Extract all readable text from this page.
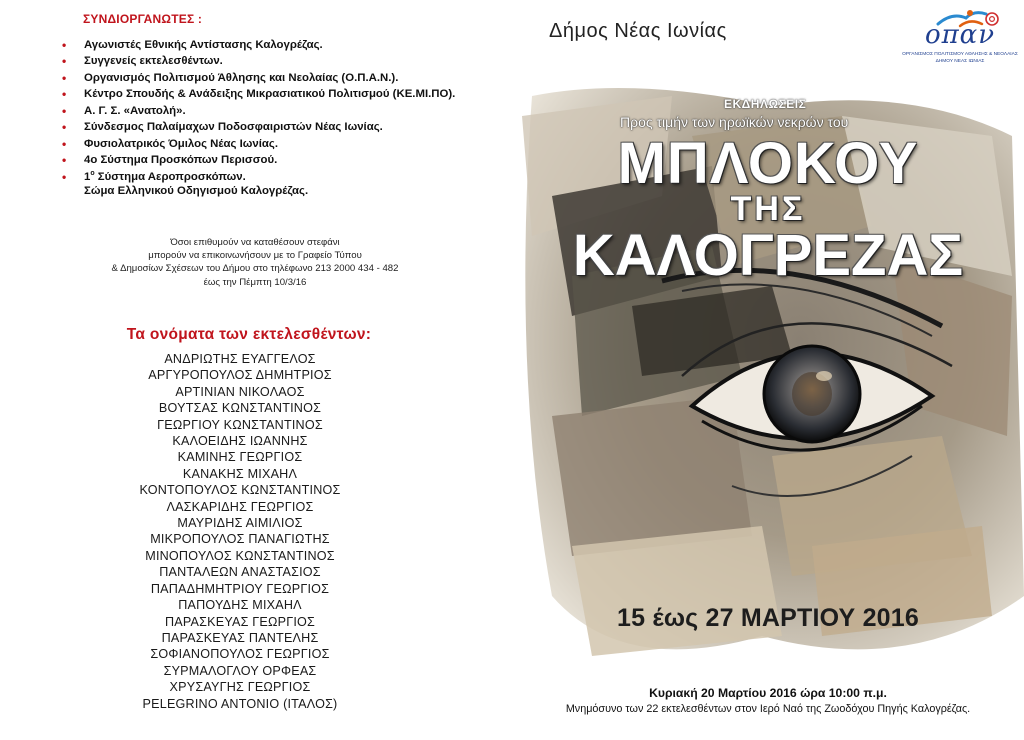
ΣΥΝΔΙΟΡΓΑΝΩΤΕΣ :
• Αγωνιστές Εθνικής Αντίστασης Καλογρέζας.
• Συγγενείς εκτελεσθέντων.
• Οργανισμός Πολιτισμού Άθλησης και Νεολαίας (Ο.Π.Α.Ν.).
• Κέντρο Σπουδής & Ανάδειξης Μικρασιατικού Πολιτισμού (ΚΕ.ΜΙ.ΠΟ).
• Α. Γ. Σ. «Ανατολή».
• Σύνδεσμος Παλαίμαχων Ποδοσφαιριστών Νέας Ιωνίας.
• Φυσιολατρικός Όμιλος Νέας Ιωνίας.
• 4ο Σύστημα Προσκόπων Περισσού.
• $1^o$ Σύστημα Αεροπροσκόπων.
Σώμα Ελληνικού Οδηγισμού Καλογρέζας.
Όσοι επιθυμούν να καταθέσουν στεφάνι
μπορούν να επικοινωνήσουν με το Γραφείο Τύπου
& Δημοσίων Σχέσεων του Δήμου στο τηλέφωνο 213 2000 434 - 482
έως την Πέμπτη 10/3/16
Τα ονόματα των εκτελεσθέντων:
ΑΝΔΡΙΩΤΗΣ ΕΥΑΓΓΕΛΟΣ
ΑΡΓΥΡΟΠΟΥΛΟΣ ΔΗΜΗΤΡΙΟΣ
ΑΡΤΙΝΙΑΝ ΝΙΚΟΛΑΟΣ
ΒΟΥΤΣΑΣ ΚΩΝΣΤΑΝΤΙΝΟΣ
ΓΕΩΡΓΙΟΥ ΚΩΝΣΤΑΝΤΙΝΟΣ
ΚΑΛΟΕΙΔΗΣ ΙΩΑΝΝΗΣ
ΚΑΜΙΝΗΣ ΓΕΩΡΓΙΟΣ
ΚΑΝΑΚΗΣ ΜΙΧΑΗΛ
ΚΟΝΤΟΠΟΥΛΟΣ ΚΩΝΣΤΑΝΤΙΝΟΣ
ΛΑΣΚΑΡΙΔΗΣ ΓΕΩΡΓΙΟΣ
ΜΑΥΡΙΔΗΣ ΑΙΜΙΛΙΟΣ
ΜΙΚΡΟΠΟΥΛΟΣ ΠΑΝΑΓΙΩΤΗΣ
ΜΙΝΟΠΟΥΛΟΣ ΚΩΝΣΤΑΝΤΙΝΟΣ
ΠΑΝΤΑΛΕΩΝ ΑΝΑΣΤΑΣΙΟΣ
ΠΑΠΑΔΗΜΗΤΡΙΟΥ ΓΕΩΡΓΙΟΣ
ΠΑΠΟΥΔΗΣ ΜΙΧΑΗΛ
ΠΑΡΑΣΚΕΥΑΣ ΓΕΩΡΓΙΟΣ
ΠΑΡΑΣΚΕΥΑΣ ΠΑΝΤΕΛΗΣ
ΣΟΦΙΑΝΟΠΟΥΛΟΣ ΓΕΩΡΓΙΟΣ
ΣΥΡΜΑΛΟΓΛΟΥ ΟΡΦΕΑΣ
ΧΡΥΣΑΥΓΗΣ ΓΕΩΡΓΙΟΣ
PELEGRINO ANTONIO (ΙΤΑΛΟΣ)
Δήμος Νέας Ιωνίας	οπαν
ΟΡΓΑΝΙΣΜΟΣ ΠΟΛΙΤΙΣΜΟΥ ΑΘΛΗΣΗΣ & ΝΕΟΛΑΙΑΣ
ΔΗΜΟΥ ΝΕΑΣ ΙΩΝΙΑΣ
ΕΚΔΗΛΩΣΕΙΣ
Προς τιμήν των ηρωϊκών νεκρών του
ΜΠΛΟΚΟΥ
ΤΗΣ
ΚΑΛΟΓΡΕΖΑΣ
15 έως 27 ΜΑΡΤΙΟΥ 2016
Κυριακή 20 Μαρτίου 2016 ώρα 10:00 π.μ.
Μνημόσυνο των 22 εκτελεσθέντων στον Ιερό Ναό της Ζωοδόχου Πηγής Καλογρέζας.
